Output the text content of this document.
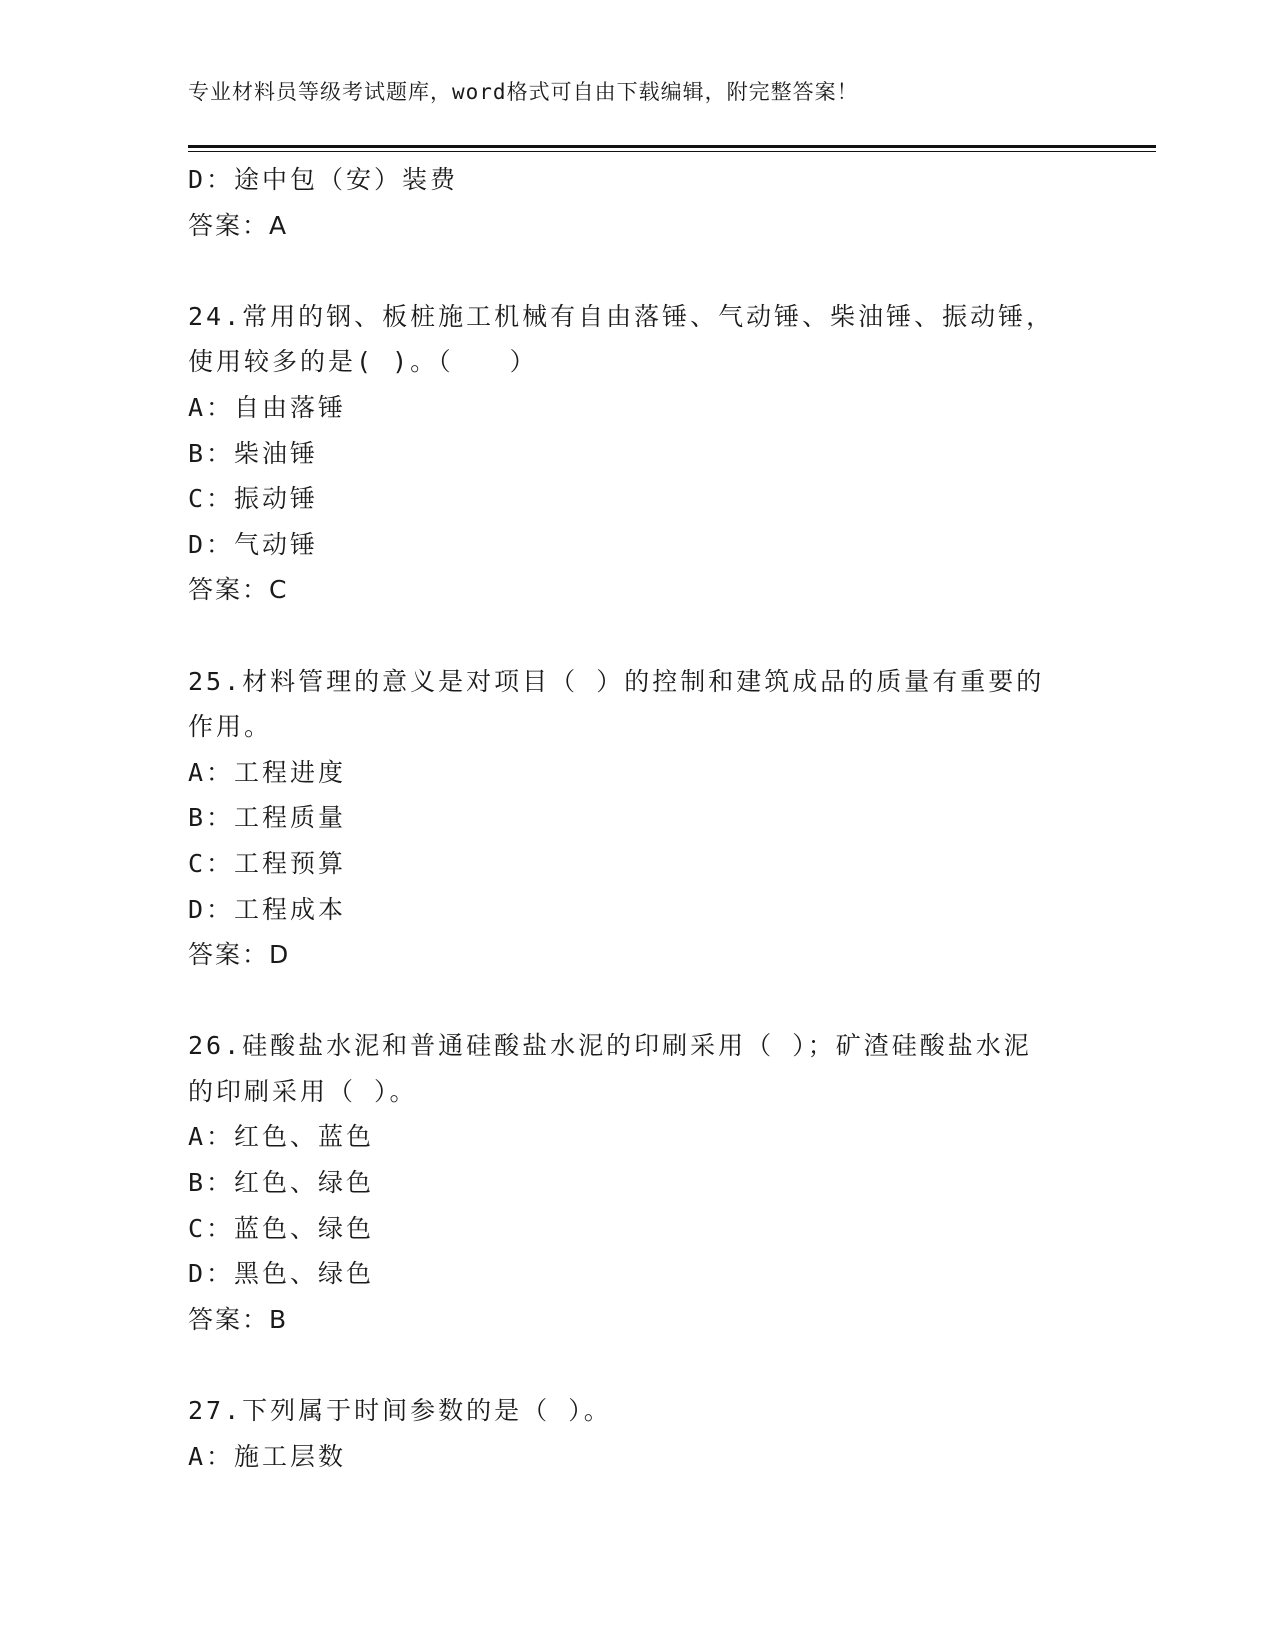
专业材料员等级考试题库，word格式可自由下载编辑，附完整答案！
D：途中包（安）装费
答案：A
24.常用的钢、板桩施工机械有自由落锤、气动锤、柴油锤、振动锤，
使用较多的是( )。（　　）
A：自由落锤
B：柴油锤
C：振动锤
D：气动锤
答案：C
25.材料管理的意义是对项目（ ）的控制和建筑成品的质量有重要的
作用。
A：工程进度
B：工程质量
C：工程预算
D：工程成本
答案：D
26.硅酸盐水泥和普通硅酸盐水泥的印刷采用（ ）；矿渣硅酸盐水泥
的印刷采用（ ）。
A：红色、蓝色
B：红色、绿色
C：蓝色、绿色
D：黑色、绿色
答案：B
27.下列属于时间参数的是（ ）。
A：施工层数
